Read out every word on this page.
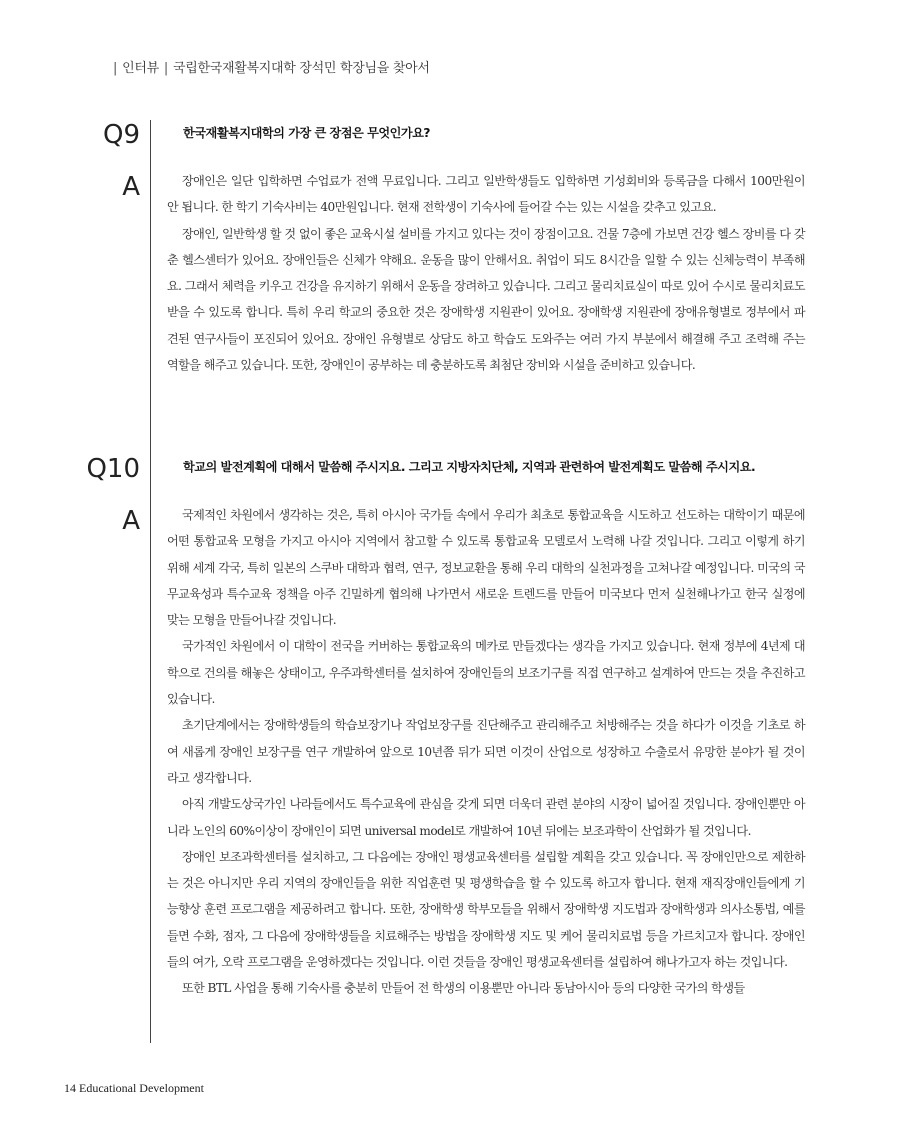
| 인터뷰 | 국립한국재활복지대학 장석민 학장님을 찾아서
Q9	한국재활복지대학의 가장 큰 장점은 무엇인가요?
A	장애인은 일단 입학하면 수업료가 전액 무료입니다. 그리고 일반학생들도 입학하면 기성회비와 등록금을 다해서 100만원이 안 됩니다. 한 학기 기숙사비는 40만원입니다. 현재 전학생이 기숙사에 들어갈 수는 있는 시설을 갖추고 있고요.

장애인, 일반학생 할 것 없이 좋은 교육시설 설비를 가지고 있다는 것이 장점이고요. 건물 7층에 가보면 건강 헬스 장비를 다 갖춘 헬스센터가 있어요. 장애인들은 신체가 약해요. 운동을 많이 안해서요. 취업이 되도 8시간을 일할 수 있는 신체능력이 부족해요. 그래서 체력을 키우고 건강을 유지하기 위해서 운동을 장려하고 있습니다. 그리고 물리치료실이 따로 있어 수시로 물리치료도 받을 수 있도록 합니다. 특히 우리 학교의 중요한 것은 장애학생 지원관이 있어요. 장애학생 지원관에 장애유형별로 정부에서 파견된 연구사들이 포진되어 있어요. 장애인 유형별로 상담도 하고 학습도 도와주는 여러 가지 부분에서 해결해 주고 조력해 주는 역할을 해주고 있습니다. 또한, 장애인이 공부하는 데 충분하도록 최첨단 장비와 시설을 준비하고 있습니다.

Q10	학교의 발전계획에 대해서 말씀해 주시지요. 그리고 지방자치단체, 지역과 관련하여 발전계획도 말씀해 주시지요.
A	국제적인 차원에서 생각하는 것은, 특히 아시아 국가들 속에서 우리가 최초로 통합교육을 시도하고 선도하는 대학이기 때문에 어떤 통합교육 모형을 가지고 아시아 지역에서 참고할 수 있도록 통합교육 모델로서 노력해 나갈 것입니다. 그리고 이렇게 하기 위해 세계 각국, 특히 일본의 스쿠바 대학과 협력, 연구, 정보교환을 통해 우리 대학의 실천과정을 고쳐나갈 예정입니다. 미국의 국무교육성과 특수교육 정책을 아주 긴밀하게 협의해 나가면서 새로운 트렌드를 만들어 미국보다 먼저 실천해나가고 한국 실정에 맞는 모형을 만들어나갈 것입니다.

국가적인 차원에서 이 대학이 전국을 커버하는 통합교육의 메카로 만들겠다는 생각을 가지고 있습니다. 현재 정부에 4년제 대학으로 건의를 해놓은 상태이고, 우주과학센터를 설치하여 장애인들의 보조기구를 직접 연구하고 설계하여 만드는 것을 추진하고 있습니다.

초기단계에서는 장애학생들의 학습보장기나 작업보장구를 진단해주고 관리해주고 처방해주는 것을 하다가 이것을 기초로 하여 새롭게 장애인 보장구를 연구 개발하여 앞으로 10년쯤 뒤가 되면 이것이 산업으로 성장하고 수출로서 유망한 분야가 될 것이라고 생각합니다.

아직 개발도상국가인 나라들에서도 특수교육에 관심을 갖게 되면 더욱더 관련 분야의 시장이 넓어질 것입니다. 장애인뿐만 아니라 노인의 60%이상이 장애인이 되면 universal model로 개발하여 10년 뒤에는 보조과학이 산업화가 될 것입니다.

장애인 보조과학센터를 설치하고, 그 다음에는 장애인 평생교육센터를 설립할 계획을 갖고 있습니다. 꼭 장애인만으로 제한하는 것은 아니지만 우리 지역의 장애인들을 위한 직업훈련 및 평생학습을 할 수 있도록 하고자 합니다. 현재 재직장애인들에게 기능향상 훈련 프로그램을 제공하려고 합니다. 또한, 장애학생 학부모들을 위해서 장애학생 지도법과 장애학생과 의사소통법, 예를 들면 수화, 점자, 그 다음에 장애학생들을 치료해주는 방법을 장애학생 지도 및 케어 물리치료법 등을 가르치고자 합니다. 장애인들의 여가, 오락 프로그램을 운영하겠다는 것입니다. 이런 것들을 장애인 평생교육센터를 설립하여 해나가고자 하는 것입니다.

또한 BTL 사업을 통해 기숙사를 충분히 만들어 전 학생의 이용뿐만 아니라 동남아시아 등의 다양한 국가의 학생들

14 Educational Development
